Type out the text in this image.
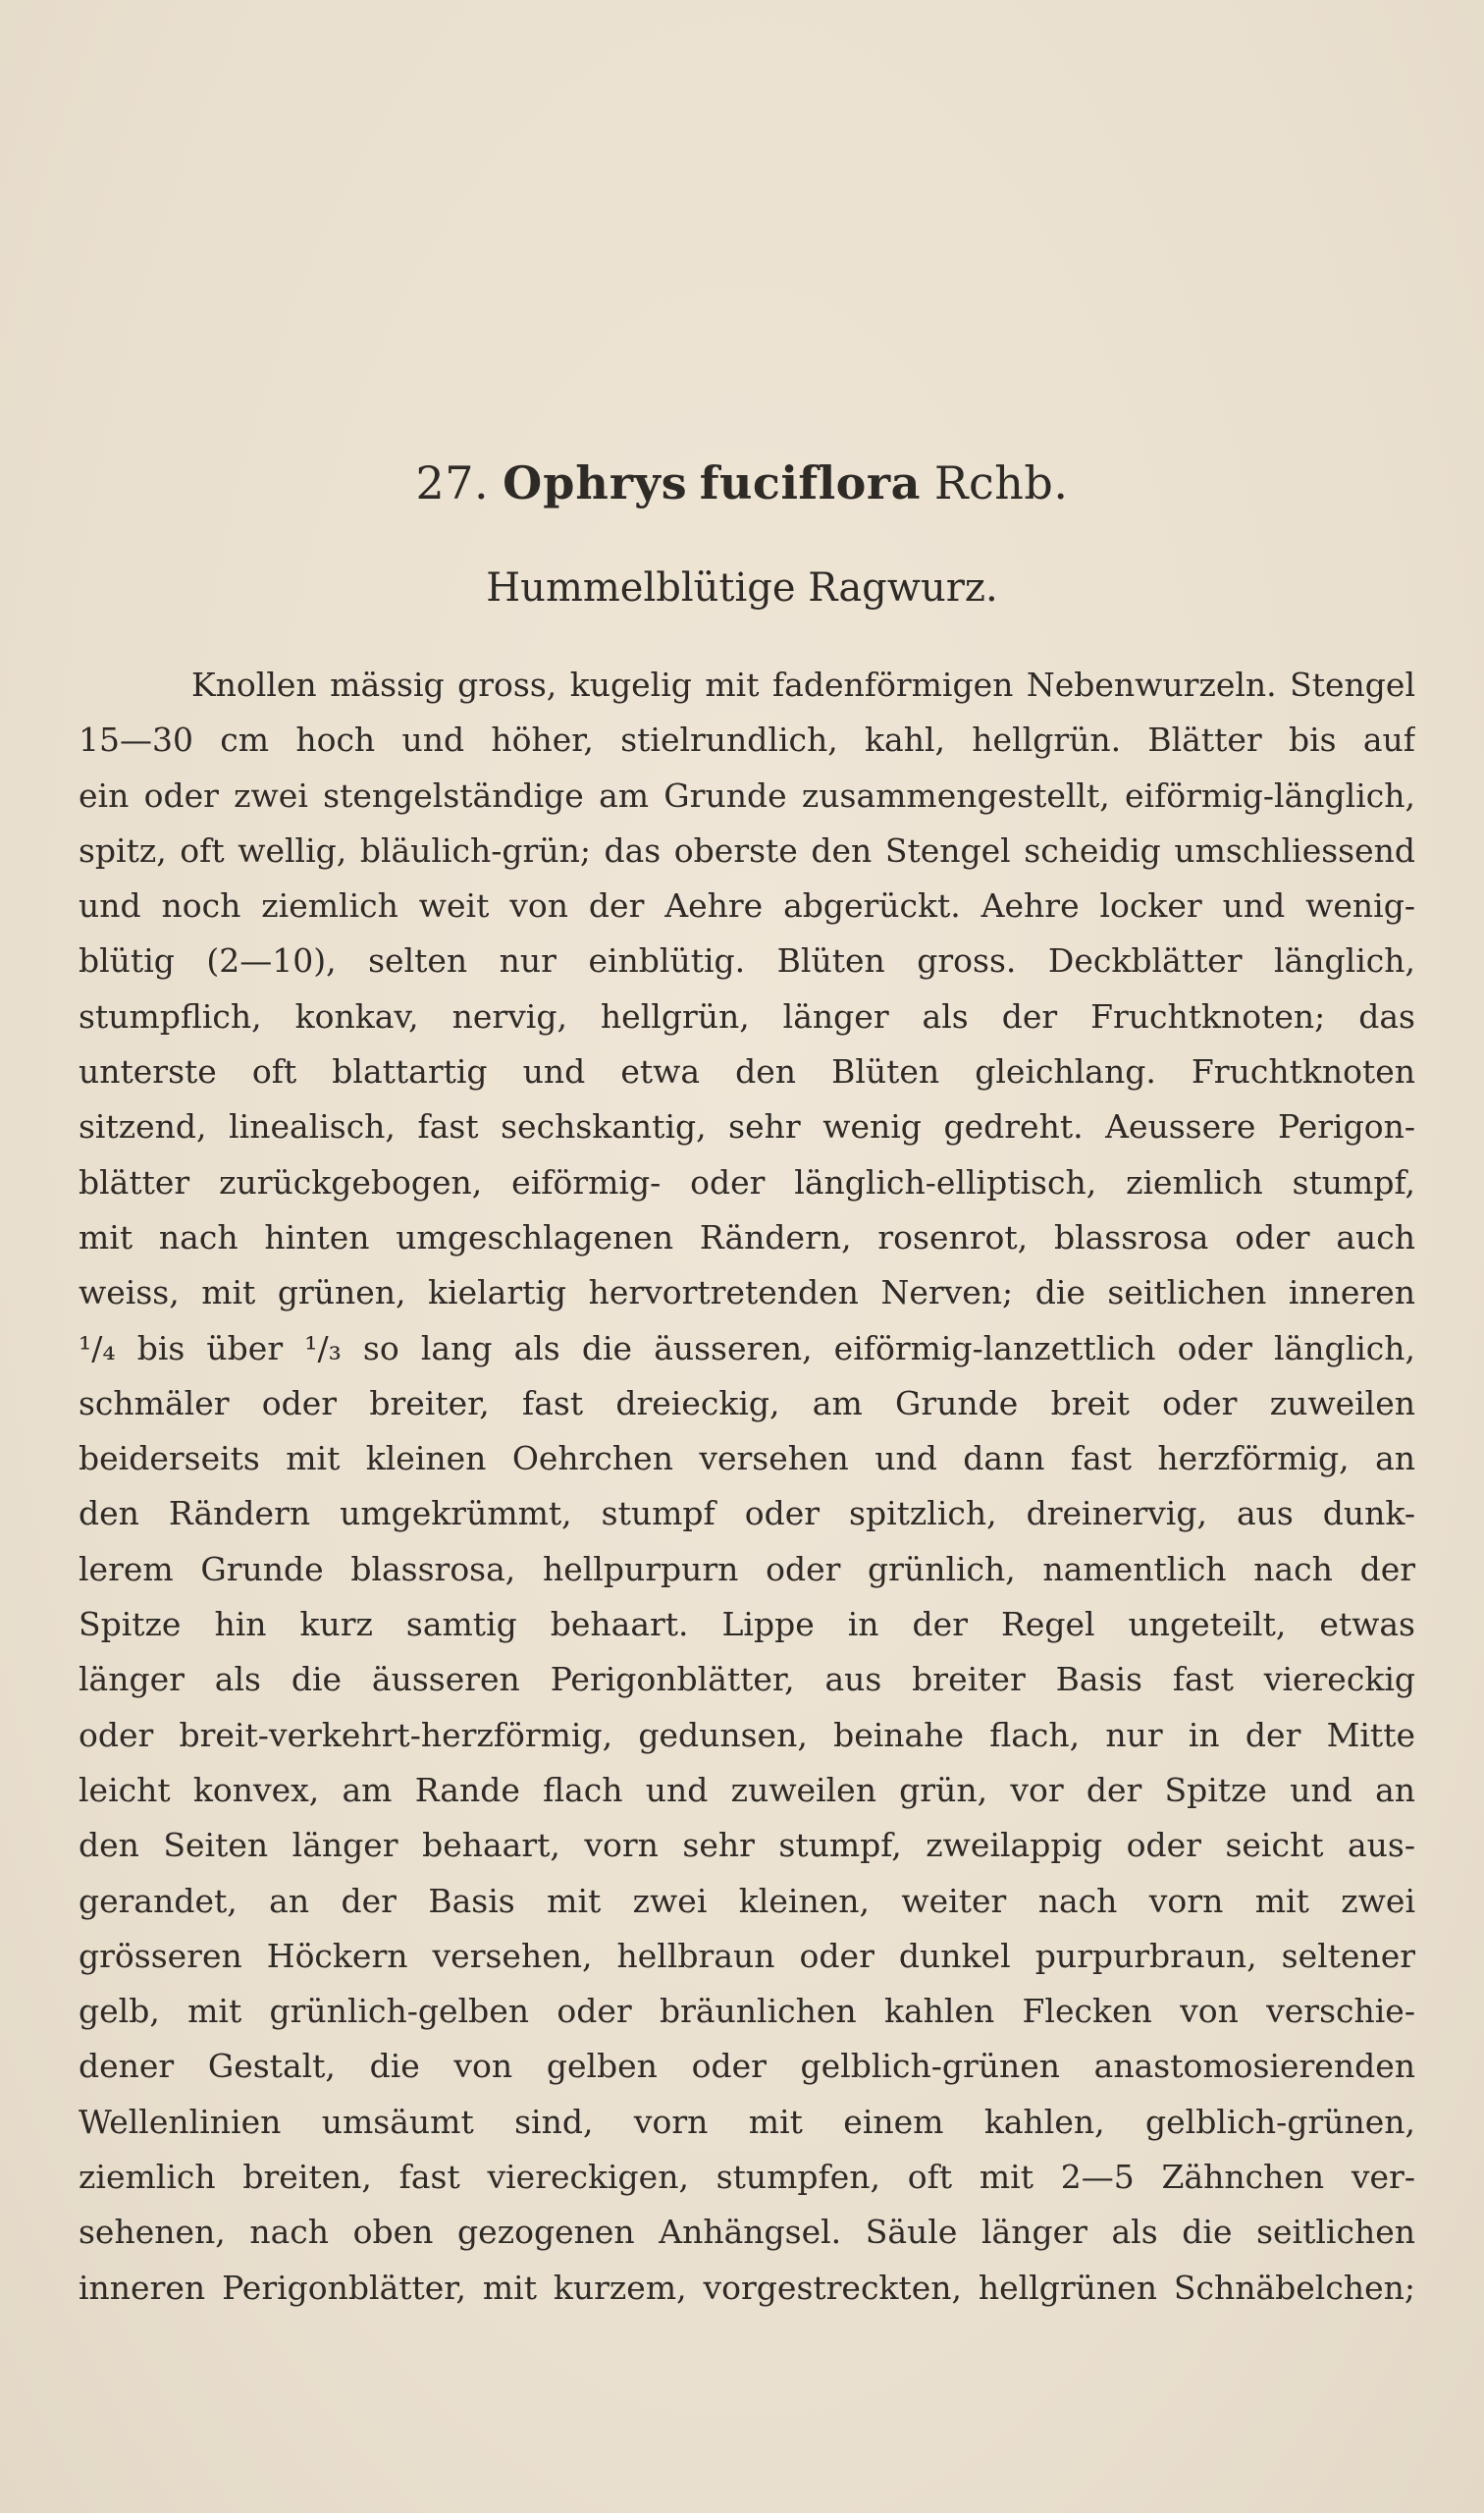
27. Ophrys fuciflora Rchb.
Hummelblütige Ragwurz.
Knollen mässig gross, kugelig mit fadenförmigen Nebenwurzeln. Stengel
15—30 cm hoch und höher, stielrundlich, kahl, hellgrün. Blätter bis auf
ein oder zwei stengelständige am Grunde zusammengestellt, eiförmig-länglich,
spitz, oft wellig, bläulich-grün; das oberste den Stengel scheidig umschliessend
und noch ziemlich weit von der Aehre abgerückt. Aehre locker und wenig-
blütig (2—10), selten nur einblütig. Blüten gross. Deckblätter länglich,
stumpflich, konkav, nervig, hellgrün, länger als der Fruchtknoten; das
unterste oft blattartig und etwa den Blüten gleichlang. Fruchtknoten
sitzend, linealisch, fast sechskantig, sehr wenig gedreht. Aeussere Perigon-
blätter zurückgebogen, eiförmig- oder länglich-elliptisch, ziemlich stumpf,
mit nach hinten umgeschlagenen Rändern, rosenrot, blassrosa oder auch
weiss, mit grünen, kielartig hervortretenden Nerven; die seitlichen inneren
¹/₄ bis über ¹/₃ so lang als die äusseren, eiförmig-lanzettlich oder länglich,
schmäler oder breiter, fast dreieckig, am Grunde breit oder zuweilen
beiderseits mit kleinen Oehrchen versehen und dann fast herzförmig, an
den Rändern umgekrümmt, stumpf oder spitzlich, dreinervig, aus dunk-
lerem Grunde blassrosa, hellpurpurn oder grünlich, namentlich nach der
Spitze hin kurz samtig behaart. Lippe in der Regel ungeteilt, etwas
länger als die äusseren Perigonblätter, aus breiter Basis fast viereckig
oder breit-verkehrt-herzförmig, gedunsen, beinahe flach, nur in der Mitte
leicht konvex, am Rande flach und zuweilen grün, vor der Spitze und an
den Seiten länger behaart, vorn sehr stumpf, zweilappig oder seicht aus-
gerandet, an der Basis mit zwei kleinen, weiter nach vorn mit zwei
grösseren Höckern versehen, hellbraun oder dunkel purpurbraun, seltener
gelb, mit grünlich-gelben oder bräunlichen kahlen Flecken von verschie-
dener Gestalt, die von gelben oder gelblich-grünen anastomosierenden
Wellenlinien umsäumt sind, vorn mit einem kahlen, gelblich-grünen,
ziemlich breiten, fast viereckigen, stumpfen, oft mit 2—5 Zähnchen ver-
sehenen, nach oben gezogenen Anhängsel. Säule länger als die seitlichen
inneren Perigonblätter, mit kurzem, vorgestreckten, hellgrünen Schnäbelchen;
